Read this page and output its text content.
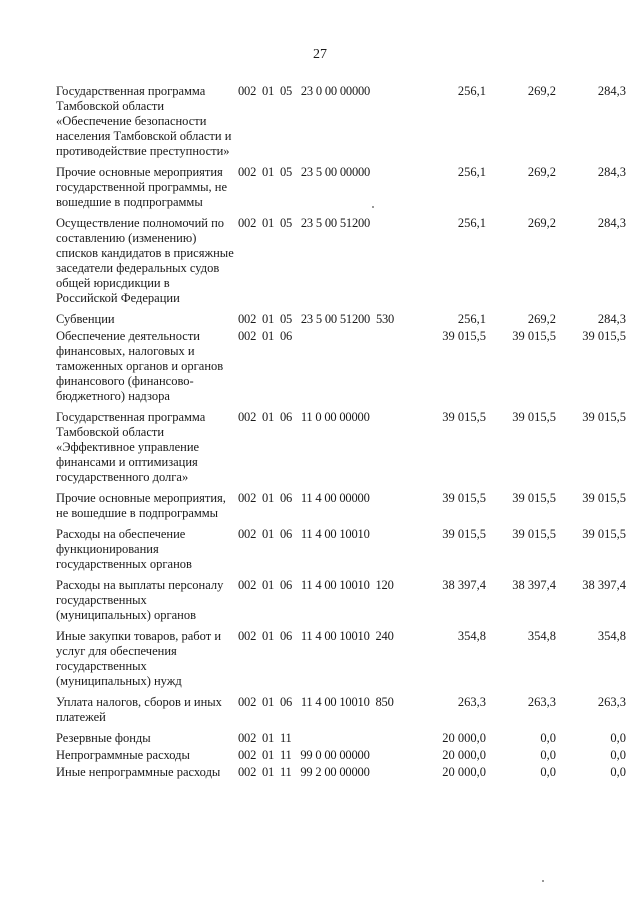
27
Государственная программа Тамбовской области «Обеспечение безопасности населения Тамбовской области и противодействие преступности»	002  01  05   23 0 00 00000	256,1	269,2	284,3
Прочие основные мероприятия государственной программы, не вошедшие в подпрограммы	002  01  05   23 5 00 00000	256,1	269,2	284,3
Осуществление полномочий по составлению (изменению) списков кандидатов в присяжные заседатели федеральных судов общей юрисдикции в Российской Федерации	002  01  05   23 5 00 51200	256,1	269,2	284,3
Субвенции	002  01  05   23 5 00 51200  530	256,1	269,2	284,3
Обеспечение деятельности финансовых, налоговых и таможенных органов и органов финансового (финансово-бюджетного) надзора	002  01  06	39 015,5	39 015,5	39 015,5
Государственная программа Тамбовской области «Эффективное управление финансами и оптимизация государственного долга»	002  01  06   11 0 00 00000	39 015,5	39 015,5	39 015,5
Прочие основные мероприятия, не вошедшие в подпрограммы	002  01  06   11 4 00 00000	39 015,5	39 015,5	39 015,5
Расходы на обеспечение функционирования государственных органов	002  01  06   11 4 00 10010	39 015,5	39 015,5	39 015,5
Расходы на выплаты персоналу государственных (муниципальных) органов	002  01  06   11 4 00 10010  120	38 397,4	38 397,4	38 397,4
Иные закупки товаров, работ и услуг для обеспечения государственных (муниципальных) нужд	002  01  06   11 4 00 10010  240	354,8	354,8	354,8
Уплата налогов, сборов и иных платежей	002  01  06   11 4 00 10010  850	263,3	263,3	263,3
Резервные фонды	002  01  11	20 000,0	0,0	0,0
Непрограммные расходы	002  01  11   99 0 00 00000	20 000,0	0,0	0,0
Иные непрограммные расходы	002  01  11   99 2 00 00000	20 000,0	0,0	0,0
